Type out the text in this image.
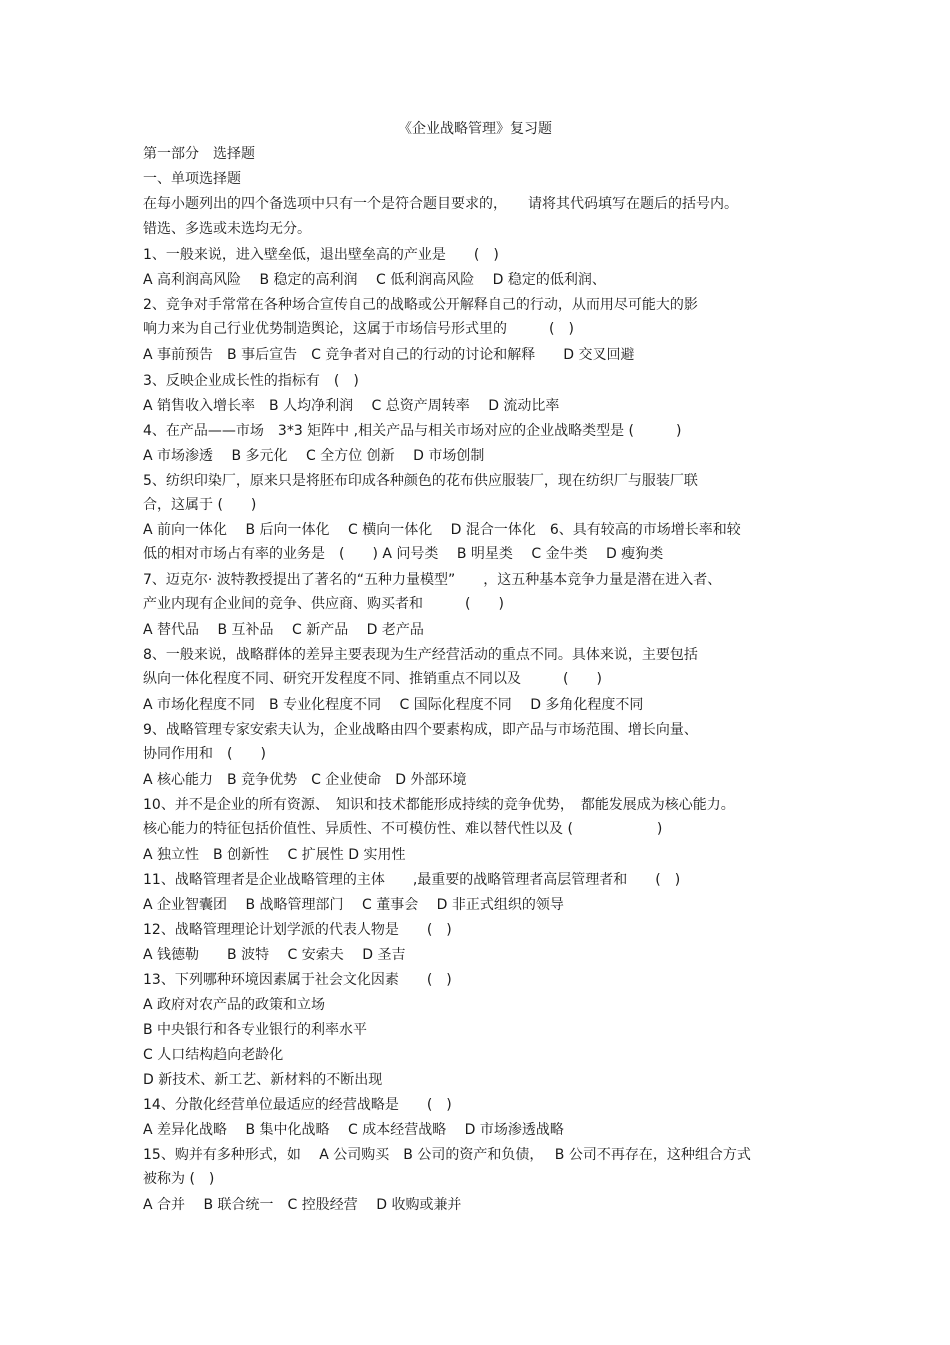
《企业战略管理》复习题
第一部分　选择题
一、单项选择题
在每小题列出的四个备选项中只有一个是符合题目要求的，　　请将其代码填写在题后的括号内。
错选、多选或未选均无分。
1、一般来说，进入壁垒低，退出壁垒高的产业是　　(　)
A 高利润高风险　 B 稳定的高利润　 C 低利润高风险　 D 稳定的低利润、
2、竞争对手常常在各种场合宣传自己的战略或公开解释自己的行动，从而用尽可能大的影
响力来为自己行业优势制造舆论，这属于市场信号形式里的　　　(　)
A 事前预告　B 事后宣告　C 竞争者对自己的行动的讨论和解释　　D 交叉回避
3、反映企业成长性的指标有　(　)
A 销售收入增长率　B 人均净利润　 C 总资产周转率　 D 流动比率
4、在产品——市场　3*3 矩阵中 ,相关产品与相关市场对应的企业战略类型是 (　　　)
A 市场渗透　 B 多元化　 C 全方位 创新　 D 市场创制
5、纺织印染厂，原来只是将胚布印成各种颜色的花布供应服装厂，现在纺织厂与服装厂联
合，这属于 (　　)
A 前向一体化　 B 后向一体化　 C 横向一体化　 D 混合一体化　6、具有较高的市场增长率和较
低的相对市场占有率的业务是　(　　) A 问号类　 B 明星类　 C 金牛类　 D 瘦狗类
7、迈克尔· 波特教授提出了著名的“五种力量模型”　　，这五种基本竞争力量是潜在进入者、
产业内现有企业间的竞争、供应商、购买者和　　　(　　)
A 替代品　 B 互补品　 C 新产品　 D 老产品
8、一般来说，战略群体的差异主要表现为生产经营活动的重点不同。具体来说，主要包括
纵向一体化程度不同、研究开发程度不同、推销重点不同以及　　　(　　)
A 市场化程度不同　B 专业化程度不同　 C 国际化程度不同　 D 多角化程度不同
9、战略管理专家安索夫认为，企业战略由四个要素构成，即产品与市场范围、增长向量、
协同作用和　(　　)
A 核心能力　B 竞争优势　C 企业使命　D 外部环境
10、并不是企业的所有资源、　知识和技术都能形成持续的竞争优势，　都能发展成为核心能力。
核心能力的特征包括价值性、异质性、不可模仿性、难以替代性以及 (　　　　　　)
A 独立性　B 创新性　 C 扩展性 D 实用性
11、战略管理者是企业战略管理的主体　　,最重要的战略管理者高层管理者和　　(　)
A 企业智囊团　 B 战略管理部门　 C 董事会　 D 非正式组织的领导
12、战略管理理论计划学派的代表人物是　　(　)
A 钱德勒　　B 波特　 C 安索夫　 D 圣吉
13、下列哪种环境因素属于社会文化因素　　(　)
A 政府对农产品的政策和立场
B 中央银行和各专业银行的利率水平
C 人口结构趋向老龄化
D 新技术、新工艺、新材料的不断出现
14、分散化经营单位最适应的经营战略是　　(　)
A 差异化战略　 B 集中化战略　 C 成本经营战略　 D 市场渗透战略
15、购并有多种形式，如　 A 公司购买　B 公司的资产和负债，　 B 公司不再存在，这种组合方式
被称为 (　)
A 合并　 B 联合统一　C 控股经营　 D 收购或兼并
